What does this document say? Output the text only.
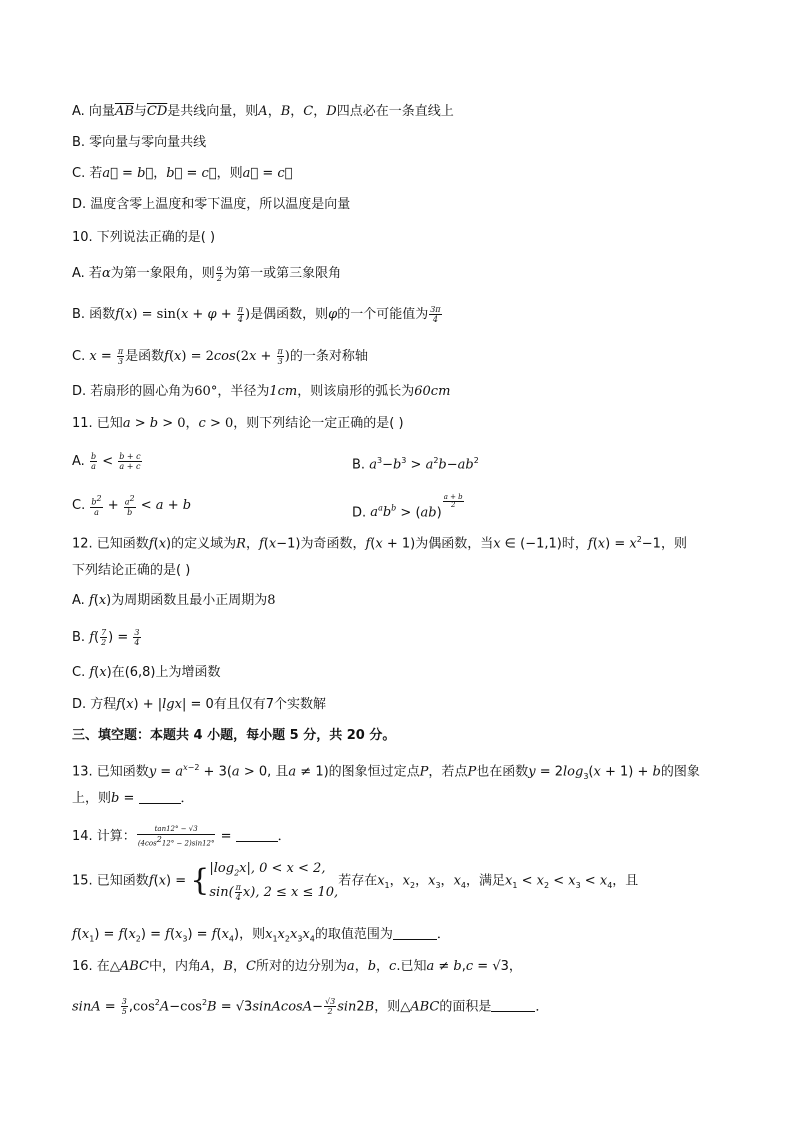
A. 向量$\overline{AB}$与$\overline{CD}$是共线向量，则A，B，C，D四点必在一条直线上
B. 零向量与零向量共线
C. 若a⃗ = b⃗，b⃗ = c⃗，则a⃗ = c⃗
D. 温度含零上温度和零下温度，所以温度是向量
10. 下列说法正确的是( )
A. 若α为第一象限角，则 $\frac{\alpha}{2}$ 为第一或第三象限角
B. 函数$f(x) = \sin(x + \varphi + \frac{\pi}{4}$ )是偶函数，则φ的一个可能值为 $\frac{3\pi}{4}$
C. $x = \frac{\pi}{3}$ 是函数$f(x) = 2\cos(2x + \frac{\pi}{3}$ )的一条对称轴
D. 若扇形的圆心角为60°，半径为1cm，则该扇形的弧长为60cm
11. 已知a > b > 0，c > 0，则下列结论一定正确的是( )
A. $\frac{b}{a} < \frac{b + c}{a + c}$	B. $a^3-b^3 > a^2b-ab^2$
C. $\frac{b^2}{a} + \frac{a^2}{b} < a + b$	D. $a^ab^b > (ab)$
$^{\frac{a + b}{2}}$
12. 已知函数f(x)的定义域为R，f(x−1)为奇函数，f(x + 1)为偶函数，当x ∈ (−1,1)时，$f(x) = x^2-1$，则
下列结论正确的是( )
A. f(x)为周期函数且最小正周期为8
B. $f( \frac{7}{2}$ ) = $\frac{3}{4}$
C. f(x)在(6,8)上为增函数
D. 方程f(x) + |lgx| = 0有且仅有7个实数解
三、填空题：本题共 4 小题，每小题 5 分，共 20 分。
13. 已知函数$y = a^{x-2} + 3(a > 0$, 且a ≠ 1)的图象恒过定点P，若点P也在函数$y = 2\log_3(x + 1) + b$的图象
上，则b =	．
14. 计算： $\frac{\tan 12^\circ - √3}{(4\cos^212^\circ - 2)\sin 12^\circ}$ =	．
15. 已知函数f(x) = { $|\log_2x|$, 0 < x < 2,
$\sin( \frac{\pi}{4} x)$, 2 ≤ x ≤ 10,
若存在$x_1$，$x_2$，$x_3$，$x_4$，满足$x_1 < x_2 < x_3 < x_4$，且
$f(x_1) = f(x_2) = f(x_3) = f(x_4)$，则$x_1x_2x_3x_4$的取值范围为	．
16. 在△ABC中，内角A，B，C所对的边分别为a，b，c.已知a ≠ b,c = √3，
$\sin A = \frac{3}{5} ,\cos^2A-\cos^2B$ = √3sinAcosA− $\frac{√3}{2} \sin 2B$，则△ABC的面积是	．
